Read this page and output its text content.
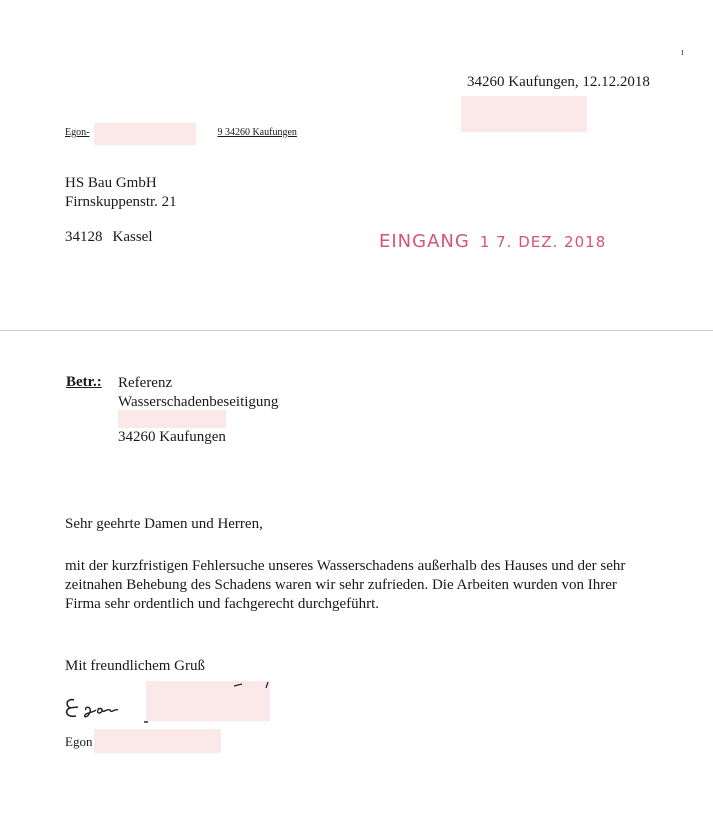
ı
34260 Kaufungen, 12.12.2018
Egon-	9 34260 Kaufungen
HS Bau GmbH
Firnskuppenstr. 21
34128 Kassel	EINGANG 1 7. DEZ. 2018
Betr.: Referenz
Wasserschadenbeseitigung
34260 Kaufungen
Sehr geehrte Damen und Herren,
mit der kurzfristigen Fehlersuche unseres Wasserschadens außerhalb des Hauses und der sehr zeitnahen Behebung des Schadens waren wir sehr zufrieden. Die Arbeiten wurden von Ihrer Firma sehr ordentlich und fachgerecht durchgeführt.
Mit freundlichem Gruß
Egon
